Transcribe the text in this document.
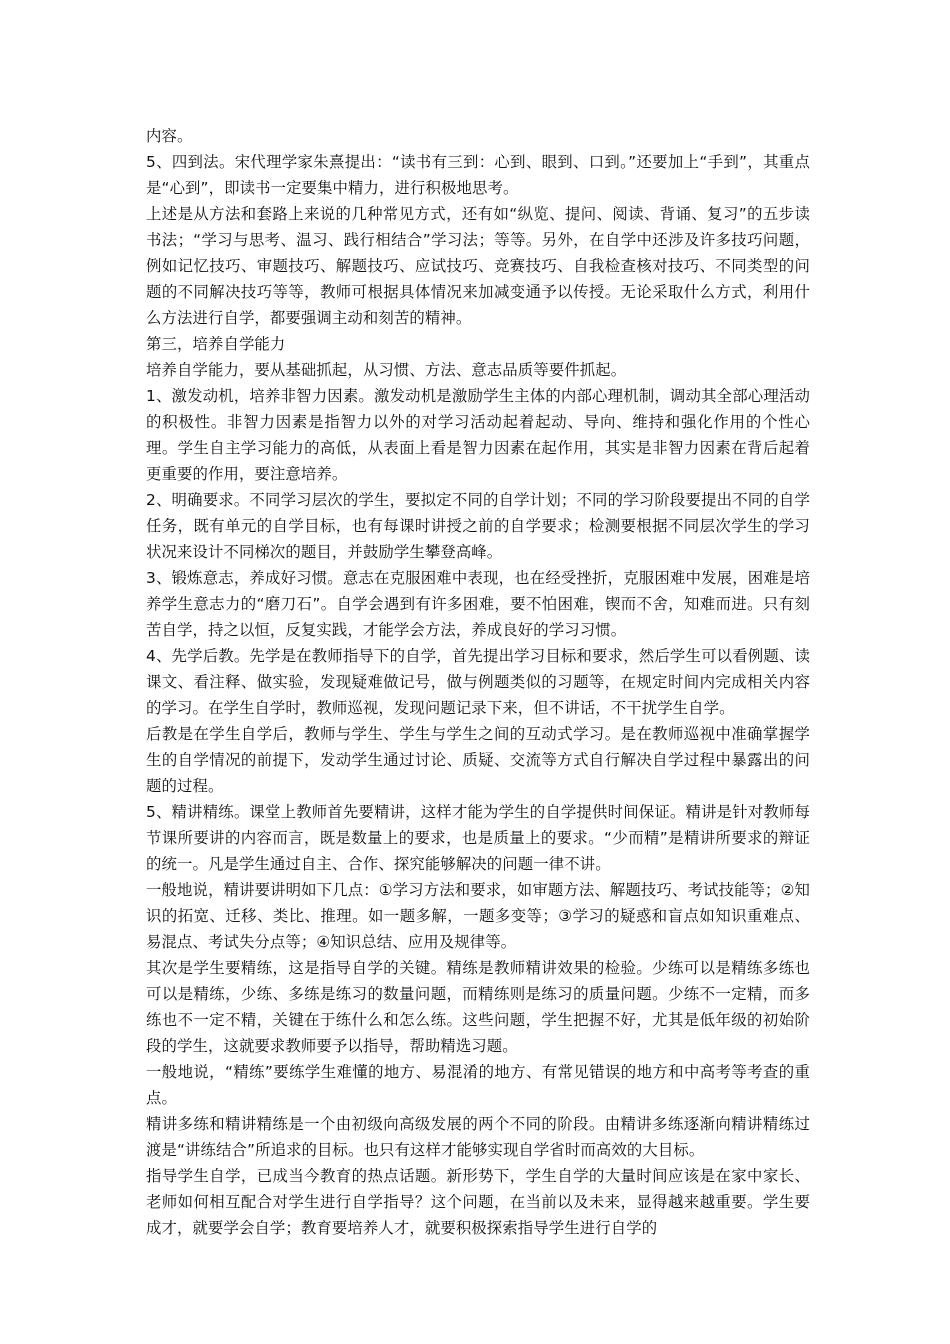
内容。

5、四到法。宋代理学家朱熹提出：“读书有三到：心到、眼到、口到。”还要加上“手到”，其重点是“心到”，即读书一定要集中精力，进行积极地思考。

上述是从方法和套路上来说的几种常见方式，还有如“纵览、提问、阅读、背诵、复习”的五步读书法；“学习与思考、温习、践行相结合”学习法；等等。另外，在自学中还涉及许多技巧问题，例如记忆技巧、审题技巧、解题技巧、应试技巧、竞赛技巧、自我检查核对技巧、不同类型的问题的不同解决技巧等等，教师可根据具体情况来加减变通予以传授。无论采取什么方式，利用什么方法进行自学，都要强调主动和刻苦的精神。

第三，培养自学能力

培养自学能力，要从基础抓起，从习惯、方法、意志品质等要件抓起。

1、激发动机，培养非智力因素。激发动机是激励学生主体的内部心理机制，调动其全部心理活动的积极性。非智力因素是指智力以外的对学习活动起着起动、导向、维持和强化作用的个性心理。学生自主学习能力的高低，从表面上看是智力因素在起作用，其实是非智力因素在背后起着更重要的作用，要注意培养。

2、明确要求。不同学习层次的学生，要拟定不同的自学计划；不同的学习阶段要提出不同的自学任务，既有单元的自学目标，也有每课时讲授之前的自学要求；检测要根据不同层次学生的学习状况来设计不同梯次的题目，并鼓励学生攀登高峰。

3、锻炼意志，养成好习惯。意志在克服困难中表现，也在经受挫折，克服困难中发展，困难是培养学生意志力的“磨刀石”。自学会遇到有许多困难，要不怕困难，锲而不舍，知难而进。只有刻苦自学，持之以恒，反复实践，才能学会方法，养成良好的学习习惯。

4、先学后教。先学是在教师指导下的自学，首先提出学习目标和要求，然后学生可以看例题、读课文、看注释、做实验，发现疑难做记号，做与例题类似的习题等，在规定时间内完成相关内容的学习。在学生自学时，教师巡视，发现问题记录下来，但不讲话，不干扰学生自学。

后教是在学生自学后，教师与学生、学生与学生之间的互动式学习。是在教师巡视中准确掌握学生的自学情况的前提下，发动学生通过讨论、质疑、交流等方式自行解决自学过程中暴露出的问题的过程。

5、精讲精练。课堂上教师首先要精讲，这样才能为学生的自学提供时间保证。精讲是针对教师每节课所要讲的内容而言，既是数量上的要求，也是质量上的要求。“少而精”是精讲所要求的辩证的统一。凡是学生通过自主、合作、探究能够解决的问题一律不讲。

一般地说，精讲要讲明如下几点：①学习方法和要求，如审题方法、解题技巧、考试技能等；②知识的拓宽、迁移、类比、推理。如一题多解，一题多变等；③学习的疑惑和盲点如知识重难点、易混点、考试失分点等；④知识总结、应用及规律等。

其次是学生要精练，这是指导自学的关键。精练是教师精讲效果的检验。少练可以是精练多练也可以是精练，少练、多练是练习的数量问题，而精练则是练习的质量问题。少练不一定精，而多练也不一定不精，关键在于练什么和怎么练。这些问题，学生把握不好，尤其是低年级的初始阶段的学生，这就要求教师要予以指导，帮助精选习题。

一般地说，“精练”要练学生难懂的地方、易混淆的地方、有常见错误的地方和中高考等考查的重点。

精讲多练和精讲精练是一个由初级向高级发展的两个不同的阶段。由精讲多练逐渐向精讲精练过渡是“讲练结合”所追求的目标。也只有这样才能够实现自学省时而高效的大目标。

指导学生自学，已成当今教育的热点话题。新形势下，学生自学的大量时间应该是在家中家长、老师如何相互配合对学生进行自学指导？这个问题，在当前以及未来，显得越来越重要。学生要成才，就要学会自学；教育要培养人才，就要积极探索指导学生进行自学的
